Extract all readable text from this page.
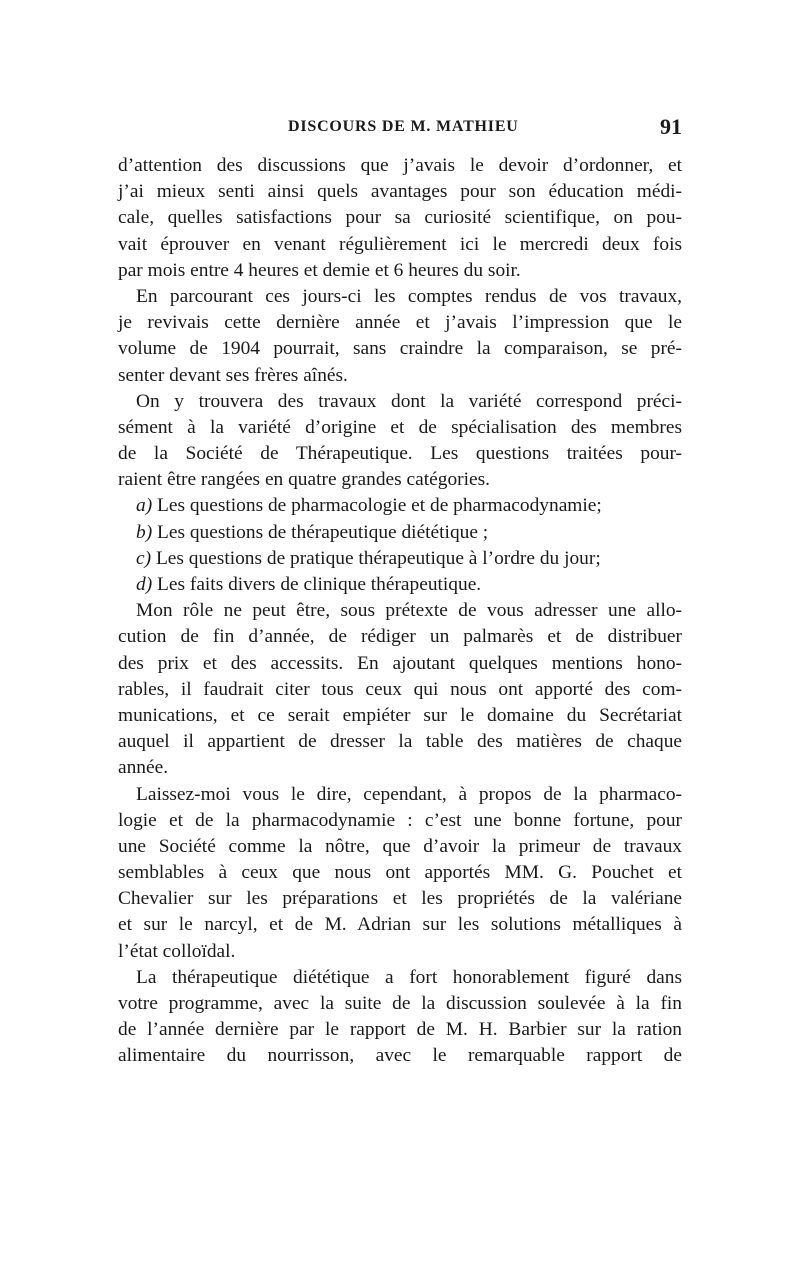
DISCOURS DE M. MATHIEU	91
d’attention des discussions que j’avais le devoir d’ordonner, et
j’ai mieux senti ainsi quels avantages pour son éducation médi-
cale, quelles satisfactions pour sa curiosité scientifique, on pou-
vait éprouver en venant régulièrement ici le mercredi deux fois
par mois entre 4 heures et demie et 6 heures du soir.
En parcourant ces jours-ci les comptes rendus de vos travaux,
je revivais cette dernière année et j’avais l’impression que le
volume de 1904 pourrait, sans craindre la comparaison, se pré-
senter devant ses frères aînés.
On y trouvera des travaux dont la variété correspond préci-
sément à la variété d’origine et de spécialisation des membres
de la Société de Thérapeutique. Les questions traitées pour-
raient être rangées en quatre grandes catégories.
a) Les questions de pharmacologie et de pharmacodynamie;
b) Les questions de thérapeutique diététique ;
c) Les questions de pratique thérapeutique à l’ordre du jour;
d) Les faits divers de clinique thérapeutique.
Mon rôle ne peut être, sous prétexte de vous adresser une allo-
cution de fin d’année, de rédiger un palmarès et de distribuer
des prix et des accessits. En ajoutant quelques mentions hono-
rables, il faudrait citer tous ceux qui nous ont apporté des com-
munications, et ce serait empiéter sur le domaine du Secrétariat
auquel il appartient de dresser la table des matières de chaque
année.
Laissez-moi vous le dire, cependant, à propos de la pharmaco-
logie et de la pharmacodynamie : c’est une bonne fortune, pour
une Société comme la nôtre, que d’avoir la primeur de travaux
semblables à ceux que nous ont apportés MM. G. Pouchet et
Chevalier sur les préparations et les propriétés de la valériane
et sur le narcyl, et de M. Adrian sur les solutions métalliques à
l’état colloïdal.
La thérapeutique diététique a fort honorablement figuré dans
votre programme, avec la suite de la discussion soulevée à la fin
de l’année dernière par le rapport de M. H. Barbier sur la ration
alimentaire du nourrisson, avec le remarquable rapport de
